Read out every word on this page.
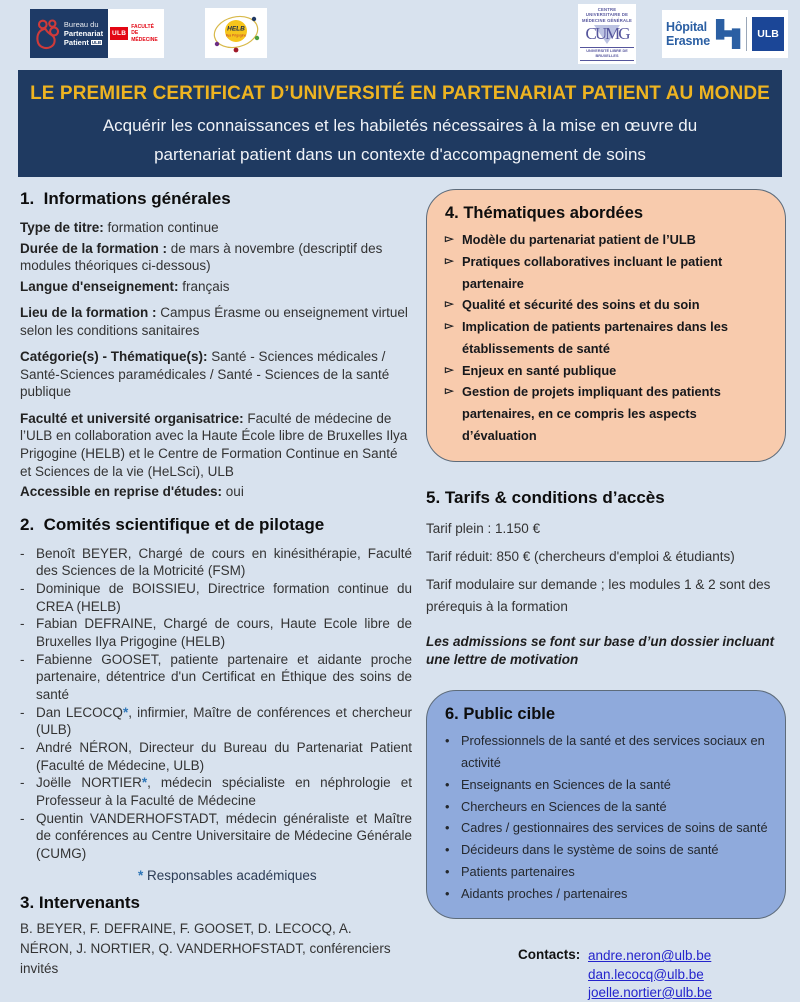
Bureau du
Partenariat
Patient ULB
ULB
FACULTÉ
DE MÉDECINE
HELB
Ilya Prigogine
CENTRE UNIVERSITAIRE DE MÉDECINE GÉNÉRALE
CUMG
UNIVERSITÉ LIBRE DE BRUXELLES
Hôpital
Erasme	ULB
LE PREMIER CERTIFICAT D’UNIVERSITÉ EN PARTENARIAT PATIENT AU MONDE
Acquérir les connaissances et les habiletés nécessaires à la mise en œuvre du partenariat patient dans un contexte d'accompagnement de soins
1.  Informations générales

Type de titre: formation continue

Durée de la formation : de mars à novembre (descriptif des modules théoriques ci-dessous)

Langue d'enseignement: français

Lieu de la formation : Campus Érasme ou enseignement virtuel selon les conditions sanitaires

Catégorie(s) - Thématique(s): Santé - Sciences médicales / Santé-Sciences paramédicales / Santé - Sciences de la santé publique

Faculté et université organisatrice: Faculté de médecine de l’ULB en collaboration avec la Haute École libre de Bruxelles Ilya Prigogine (HELB) et le Centre de Formation Continue en Santé et Sciences de la vie (HeLSci), ULB

Accessible en reprise d'études: oui

2.  Comités scientifique et de pilotage
- Benoît BEYER, Chargé de cours en kinésithérapie, Faculté des Sciences de la Motricité (FSM)
- Dominique de BOISSIEU, Directrice formation continue du CREA (HELB)
- Fabian DEFRAINE, Chargé de cours, Haute Ecole libre de Bruxelles Ilya Prigogine (HELB)
- Fabienne GOOSET, patiente partenaire et aidante proche partenaire, détentrice d'un Certificat en Éthique des soins de santé
- Dan LECOCQ*, infirmier, Maître de conférences et chercheur (ULB)
- André NÉRON, Directeur du Bureau du Partenariat Patient (Faculté de Médecine, ULB)
- Joëlle NORTIER*, médecin spécialiste en néphrologie et Professeur à la Faculté de Médecine
- Quentin VANDERHOFSTADT, médecin généraliste et Maître de conférences au Centre Universitaire de Médecine Générale (CUMG)

* Responsables académiques

3. Intervenants

B. BEYER, F. DEFRAINE, F. GOOSET, D. LECOCQ, A. NÉRON, J. NORTIER, Q. VANDERHOFSTADT, conférenciers invités

4. Thématiques abordées
▻ Modèle du partenariat patient de l’ULB
▻ Pratiques collaboratives incluant le patient partenaire
▻ Qualité et sécurité des soins et du soin
▻ Implication de patients partenaires dans les établissements de santé
▻ Enjeux en santé publique
▻ Gestion de projets impliquant des patients partenaires, en ce compris les aspects d’évaluation
5. Tarifs & conditions d’accès

Tarif plein : 1.150 €

Tarif réduit: 850 € (chercheurs d'emploi & étudiants)

Tarif modulaire sur demande ; les modules 1 & 2 sont des prérequis à la formation

Les admissions se font sur base d’un dossier incluant une lettre de motivation

6. Public cible
• Professionnels de la santé et des services sociaux en activité
• Enseignants en Sciences de la santé
• Chercheurs en Sciences de la santé
• Cadres / gestionnaires des services de soins de santé
• Décideurs dans le système de soins de santé
• Patients partenaires
• Aidants proches / partenaires
Contacts: andre.neron@ulb.be
dan.lecocq@ulb.be
joelle.nortier@ulb.be
